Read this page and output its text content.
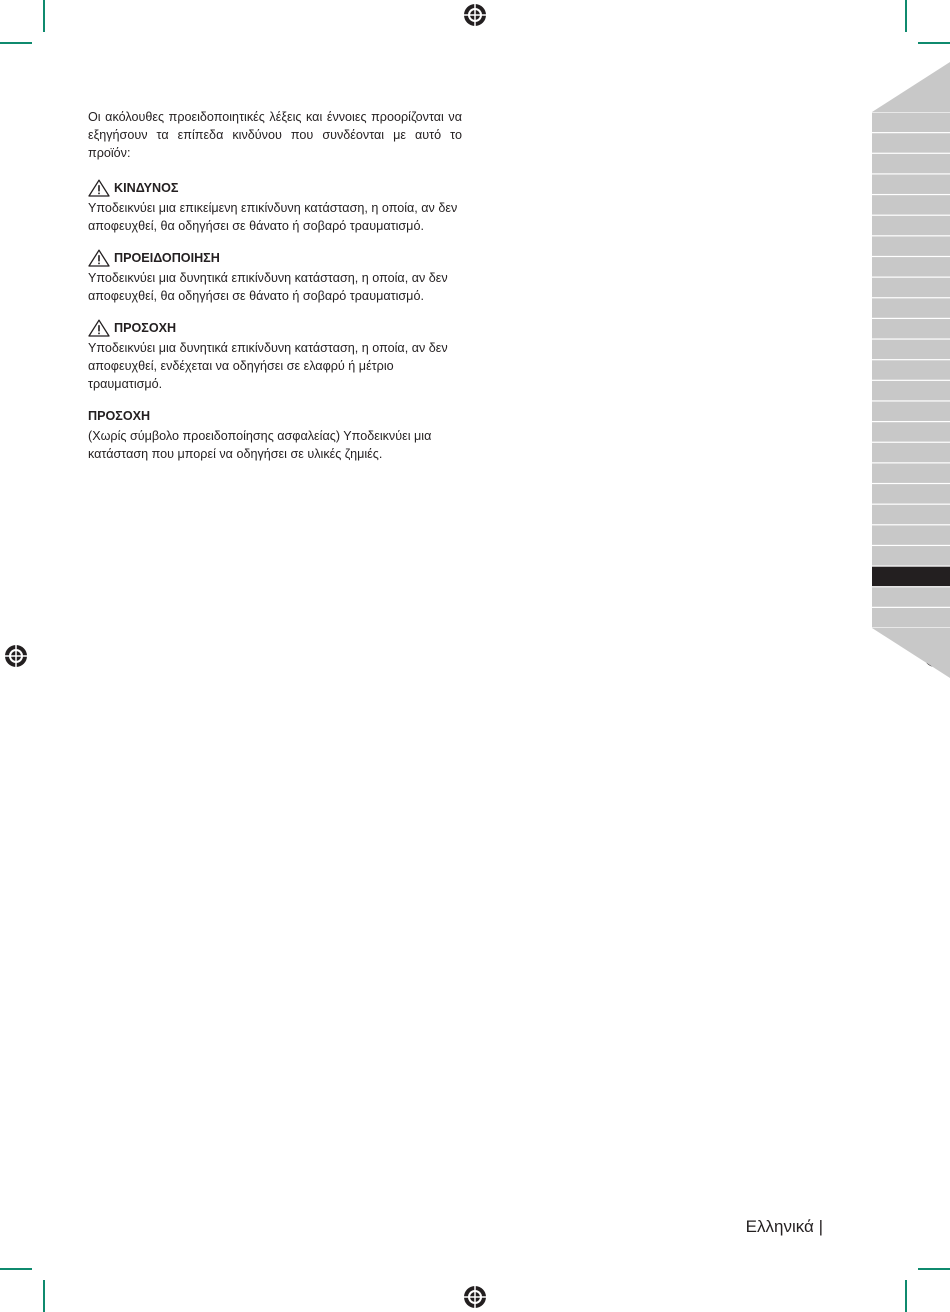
Οι ακόλουθες προειδοποιητικές λέξεις και έννοιες προορίζονται να εξηγήσουν τα επίπεδα κινδύνου που συνδέονται με αυτό το προϊόν:

ΚΙΝΔΥΝΟΣ

Υποδεικνύει μια επικείμενη επικίνδυνη κατάσταση, η οποία, αν δεν αποφευχθεί, θα οδηγήσει σε θάνατο ή σοβαρό τραυματισμό.

ΠΡΟΕΙΔΟΠΟΙΗΣΗ

Υποδεικνύει μια δυνητικά επικίνδυνη κατάσταση, η οποία, αν δεν αποφευχθεί, θα οδηγήσει σε θάνατο ή σοβαρό τραυματισμό.

ΠΡΟΣΟΧΗ

Υποδεικνύει μια δυνητικά επικίνδυνη κατάσταση, η οποία, αν δεν αποφευχθεί, ενδέχεται να οδηγήσει σε ελαφρύ ή μέτριο τραυματισμό.

ΠΡΟΣΟΧΗ

(Χωρίς σύμβολο προειδοποίησης ασφαλείας) Υποδεικνύει μια κατάσταση που μπορεί να οδηγήσει σε υλικές ζημιές.

Ελληνικά |
